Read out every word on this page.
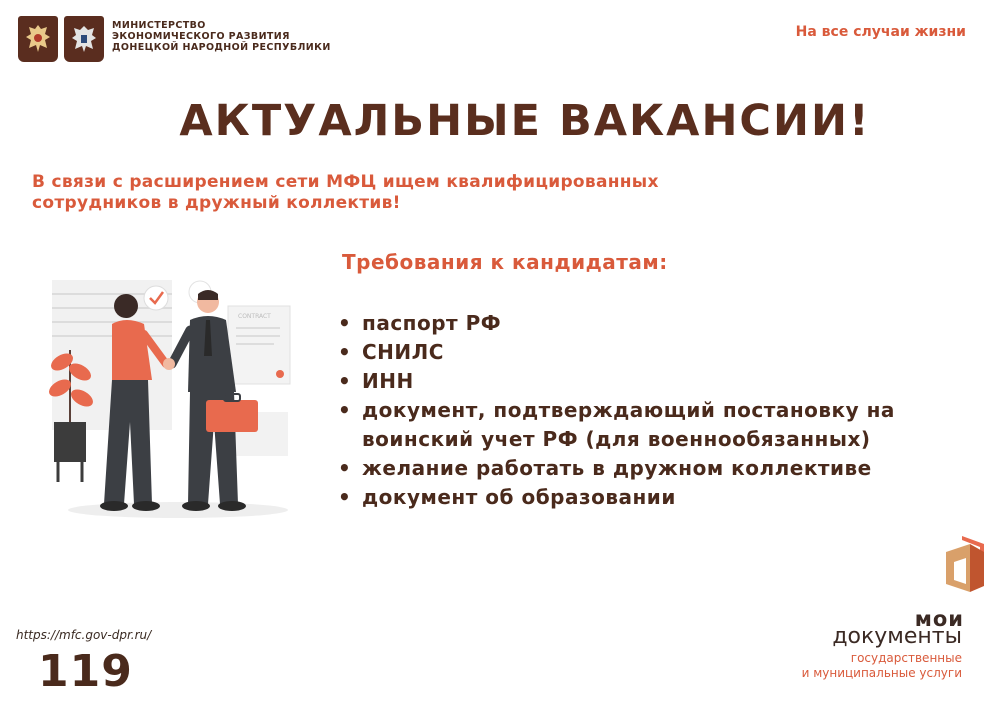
МИНИСТЕРСТВО
ЭКОНОМИЧЕСКОГО РАЗВИТИЯ
ДОНЕЦКОЙ НАРОДНОЙ РЕСПУБЛИКИ
На все случаи жизни
АКТУАЛЬНЫЕ ВАКАНСИИ!
В связи с расширением сети МФЦ ищем квалифицированных сотрудников в дружный коллектив!
CONTRACT
Требования к кандидатам:
• паспорт РФ
• СНИЛС
• ИНН
• документ, подтверждающий постановку на воинский учет РФ (для военнообязанных)
• желание работать в дружном коллективе
• документ об образовании
https://mfc.gov-dpr.ru/
119
мои
документы
государственные
и муниципальные услуги
